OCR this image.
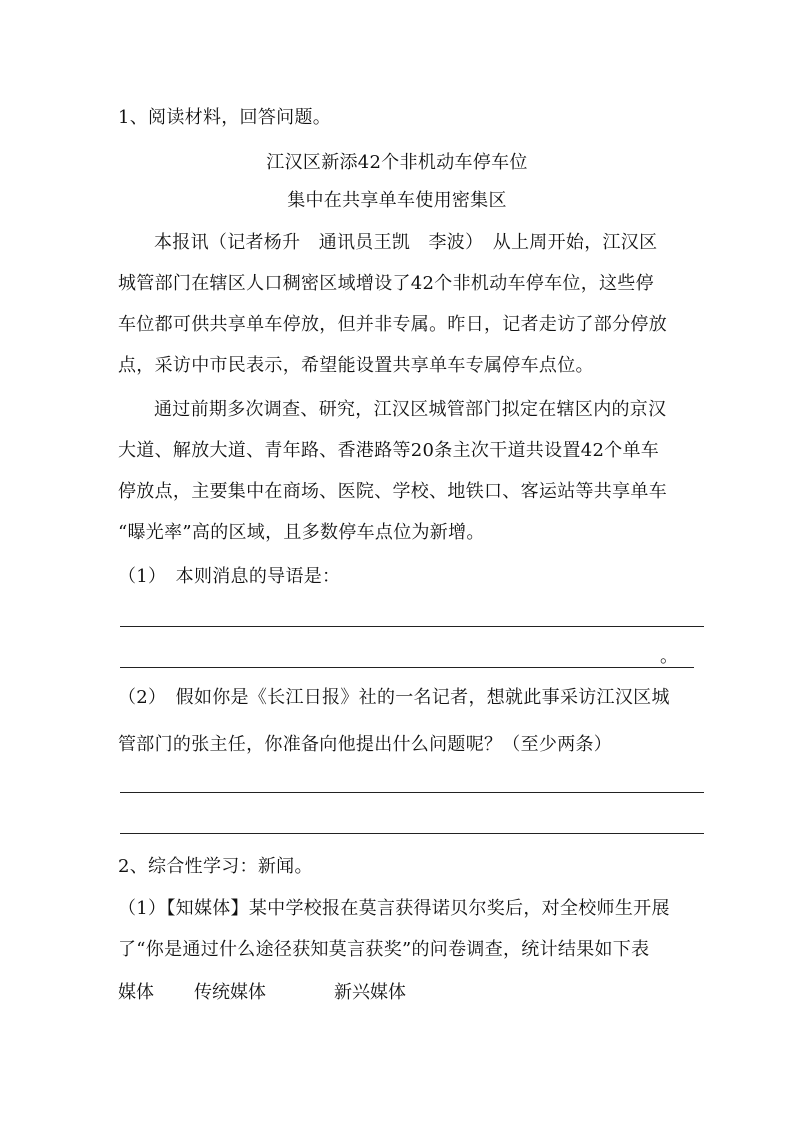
1、阅读材料，回答问题。
江汉区新添42个非机动车停车位
集中在共享单车使用密集区
本报讯（记者杨升　通讯员王凯　李波）　从上周开始，江汉区
城管部门在辖区人口稠密区域增设了42个非机动车停车位，这些停
车位都可供共享单车停放，但并非专属。昨日，记者走访了部分停放
点，采访中市民表示，希望能设置共享单车专属停车点位。
通过前期多次调查、研究，江汉区城管部门拟定在辖区内的京汉
大道、解放大道、青年路、香港路等20条主次干道共设置42个单车
停放点，主要集中在商场、医院、学校、地铁口、客运站等共享单车
“曝光率”高的区域，且多数停车点位为新增。
（1）　本则消息的导语是：
。
（2）　假如你是《长江日报》社的一名记者，想就此事采访江汉区城
管部门的张主任，你准备向他提出什么问题呢？（至少两条）
2、综合性学习：新闻。
（1）【知媒体】某中学校报在莫言获得诺贝尔奖后，对全校师生开展
了“你是通过什么途径获知莫言获奖”的问卷调查，统计结果如下表
媒体 传统媒体	新兴媒体
